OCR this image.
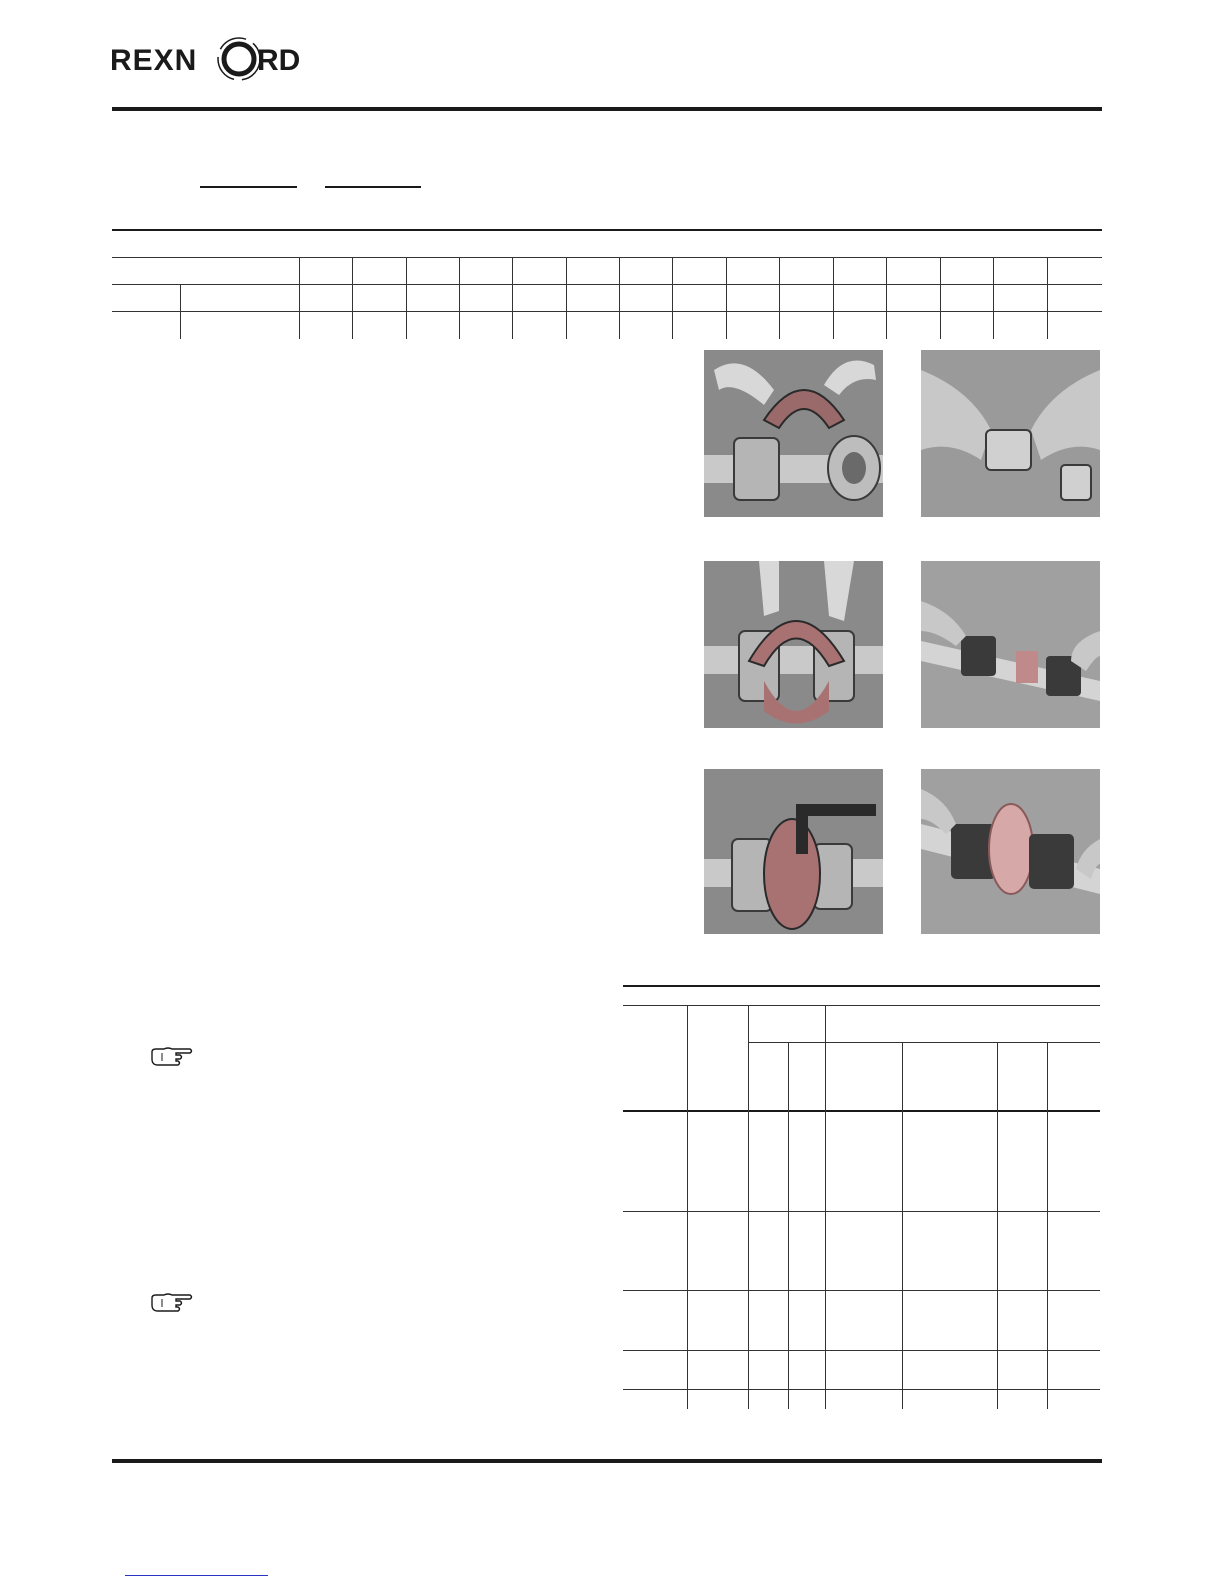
REXN RD
